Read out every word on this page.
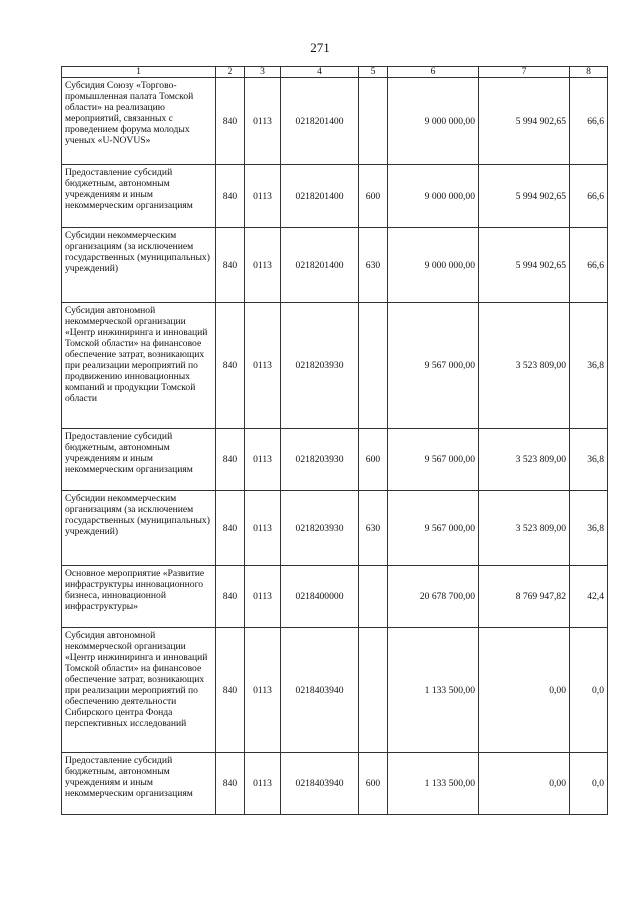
271
1	2	3	4	5	6	7	8
Субсидия Союзу «Торгово-промышленная палата Томской области» на реализацию мероприятий, связанных с проведением форума молодых ученых «U-NOVUS»	840	0113	0218201400		9 000 000,00	5 994 902,65	66,6
Предоставление субсидий бюджетным, автономным учреждениям и иным некоммерческим организациям	840	0113	0218201400	600	9 000 000,00	5 994 902,65	66,6
Субсидии некоммерческим организациям (за исключением государственных (муниципальных) учреждений)	840	0113	0218201400	630	9 000 000,00	5 994 902,65	66,6
Субсидия автономной некоммерческой организации «Центр инжиниринга и инноваций Томской области» на финансовое обеспечение затрат, возникающих при реализации мероприятий по продвижению инновационных компаний и продукции Томской области	840	0113	0218203930		9 567 000,00	3 523 809,00	36,8
Предоставление субсидий бюджетным, автономным учреждениям и иным некоммерческим организациям	840	0113	0218203930	600	9 567 000,00	3 523 809,00	36,8
Субсидии некоммерческим организациям (за исключением государственных (муниципальных) учреждений)	840	0113	0218203930	630	9 567 000,00	3 523 809,00	36,8
Основное мероприятие «Развитие инфраструктуры инновационного бизнеса, инновационной инфраструктуры»	840	0113	0218400000		20 678 700,00	8 769 947,82	42,4
Субсидия автономной некоммерческой организации «Центр инжиниринга и инноваций Томской области» на финансовое обеспечение затрат, возникающих при реализации мероприятий по обеспечению деятельности Сибирского центра Фонда перспективных исследований	840	0113	0218403940		1 133 500,00	0,00	0,0
Предоставление субсидий бюджетным, автономным учреждениям и иным некоммерческим организациям	840	0113	0218403940	600	1 133 500,00	0,00	0,0
